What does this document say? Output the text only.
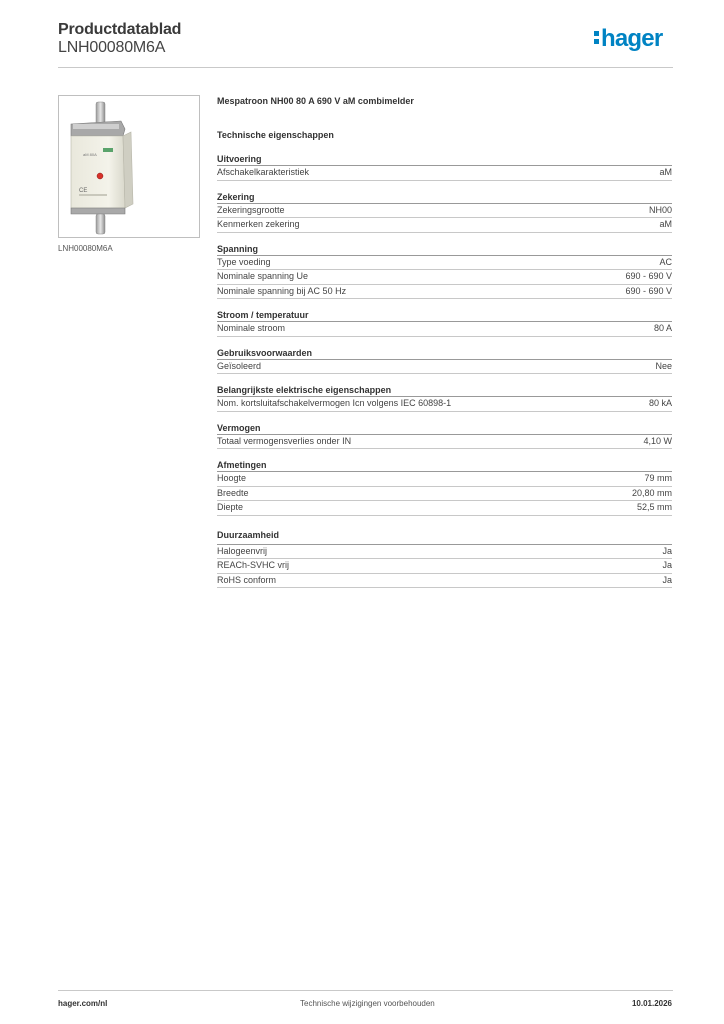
Productdatablad
LNH00080M6A	hager
aM 80A
CE
LNH00080M6A
Mespatroon NH00 80 A 690 V aM combimelder
Technische eigenschappen
Uitvoering
Afschakelkarakteristiek	aM
Zekering
Zekeringsgrootte	NH00
Kenmerken zekering	aM
Spanning
Type voeding	AC
Nominale spanning Ue	690 - 690 V
Nominale spanning bij AC 50 Hz	690 - 690 V
Stroom / temperatuur
Nominale stroom	80 A
Gebruiksvoorwaarden
Geïsoleerd	Nee
Belangrijkste elektrische eigenschappen
Nom. kortsluitafschakelvermogen Icn volgens IEC 60898-1	80 kA
Vermogen
Totaal vermogensverlies onder IN	4,10 W
Afmetingen
Hoogte	79 mm
Breedte	20,80 mm
Diepte	52,5 mm
Duurzaamheid
Halogeenvrij	Ja
REACh-SVHC vrij	Ja
RoHS conform	Ja
hager.com/nl	Technische wijzigingen voorbehouden	10.01.2026
